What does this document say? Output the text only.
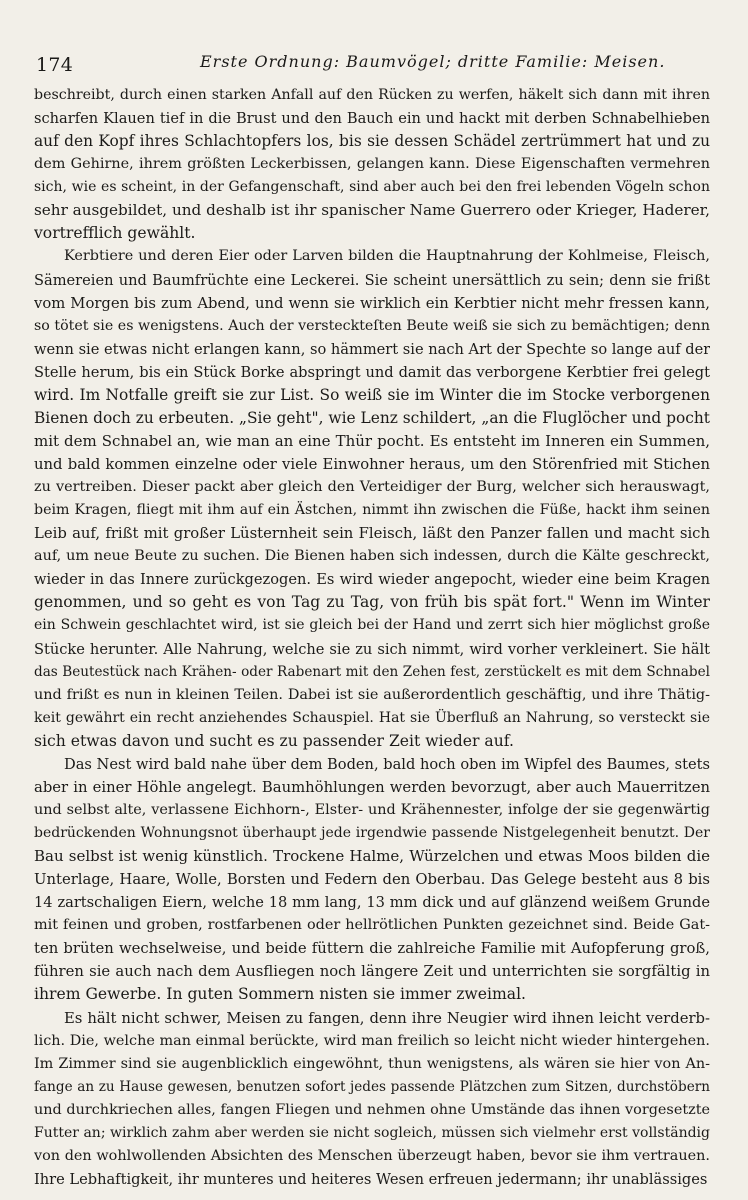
174	Erste Ordnung: Baumvögel; dritte Familie: Meisen.
beschreibt, durch einen starken Anfall auf den Rücken zu werfen, häkelt sich dann mit ihren
scharfen Klauen tief in die Brust und den Bauch ein und hackt mit derben Schnabelhieben
auf den Kopf ihres Schlachtopfers los, bis sie dessen Schädel zertrümmert hat und zu
dem Gehirne, ihrem größten Leckerbissen, gelangen kann. Diese Eigenschaften vermehren
sich, wie es scheint, in der Gefangenschaft, sind aber auch bei den frei lebenden Vögeln schon
sehr ausgebildet, und deshalb ist ihr spanischer Name Guerrero oder Krieger, Haderer,
vortrefflich gewählt.
Kerbtiere und deren Eier oder Larven bilden die Hauptnahrung der Kohlmeise, Fleisch,
Sämereien und Baumfrüchte eine Leckerei. Sie scheint unersättlich zu sein; denn sie frißt
vom Morgen bis zum Abend, und wenn sie wirklich ein Kerbtier nicht mehr fressen kann,
so tötet sie es wenigstens. Auch der versteckteſten Beute weiß sie sich zu bemächtigen; denn
wenn sie etwas nicht erlangen kann, so hämmert sie nach Art der Spechte so lange auf der
Stelle herum, bis ein Stück Borke abspringt und damit das verborgene Kerbtier frei gelegt
wird. Im Notfalle greift sie zur List. So weiß sie im Winter die im Stocke verborgenen
Bienen doch zu erbeuten. „Sie geht", wie Lenz schildert, „an die Fluglöcher und pocht
mit dem Schnabel an, wie man an eine Thür pocht. Es entsteht im Inneren ein Summen,
und bald kommen einzelne oder viele Einwohner heraus, um den Störenfried mit Stichen
zu vertreiben. Dieser packt aber gleich den Verteidiger der Burg, welcher sich herauswagt,
beim Kragen, fliegt mit ihm auf ein Ästchen, nimmt ihn zwischen die Füße, hackt ihm seinen
Leib auf, frißt mit großer Lüsternheit sein Fleisch, läßt den Panzer fallen und macht sich
auf, um neue Beute zu suchen. Die Bienen haben sich indessen, durch die Kälte geschreckt,
wieder in das Innere zurückgezogen. Es wird wieder angepocht, wieder eine beim Kragen
genommen, und so geht es von Tag zu Tag, von früh bis spät fort." Wenn im Winter
ein Schwein geschlachtet wird, ist sie gleich bei der Hand und zerrt sich hier möglichst große
Stücke herunter. Alle Nahrung, welche sie zu sich nimmt, wird vorher verkleinert. Sie hält
das Beutestück nach Krähen- oder Rabenart mit den Zehen fest, zerstückelt es mit dem Schnabel
und frißt es nun in kleinen Teilen. Dabei ist sie außerordentlich geschäftig, und ihre Thätig-
keit gewährt ein recht anziehendes Schauspiel. Hat sie Überfluß an Nahrung, so versteckt sie
sich etwas davon und sucht es zu passender Zeit wieder auf.
Das Nest wird bald nahe über dem Boden, bald hoch oben im Wipfel des Baumes, stets
aber in einer Höhle angelegt. Baumhöhlungen werden bevorzugt, aber auch Mauerritzen
und selbst alte, verlassene Eichhorn-, Elster- und Krähennester, infolge der sie gegenwärtig
bedrückenden Wohnungsnot überhaupt jede irgendwie passende Nistgelegenheit benutzt. Der
Bau selbst ist wenig künstlich. Trockene Halme, Würzelchen und etwas Moos bilden die
Unterlage, Haare, Wolle, Borsten und Federn den Oberbau. Das Gelege besteht aus 8 bis
14 zartschaligen Eiern, welche 18 mm lang, 13 mm dick und auf glänzend weißem Grunde
mit feinen und groben, rostfarbenen oder hellrötlichen Punkten gezeichnet sind. Beide Gat-
ten brüten wechselweise, und beide füttern die zahlreiche Familie mit Aufopferung groß,
führen sie auch nach dem Ausfliegen noch längere Zeit und unterrichten sie sorgfältig in
ihrem Gewerbe. In guten Sommern nisten sie immer zweimal.
Es hält nicht schwer, Meisen zu fangen, denn ihre Neugier wird ihnen leicht verderb-
lich. Die, welche man einmal berückte, wird man freilich so leicht nicht wieder hintergehen.
Im Zimmer sind sie augenblicklich eingewöhnt, thun wenigstens, als wären sie hier von An-
fange an zu Hause gewesen, benutzen sofort jedes passende Plätzchen zum Sitzen, durchstöbern
und durchkriechen alles, fangen Fliegen und nehmen ohne Umstände das ihnen vorgesetzte
Futter an; wirklich zahm aber werden sie nicht sogleich, müssen sich vielmehr erst vollständig
von den wohlwollenden Absichten des Menschen überzeugt haben, bevor sie ihm vertrauen.
Ihre Lebhaftigkeit, ihr munteres und heiteres Wesen erfreuen jedermann; ihr unablässiges
